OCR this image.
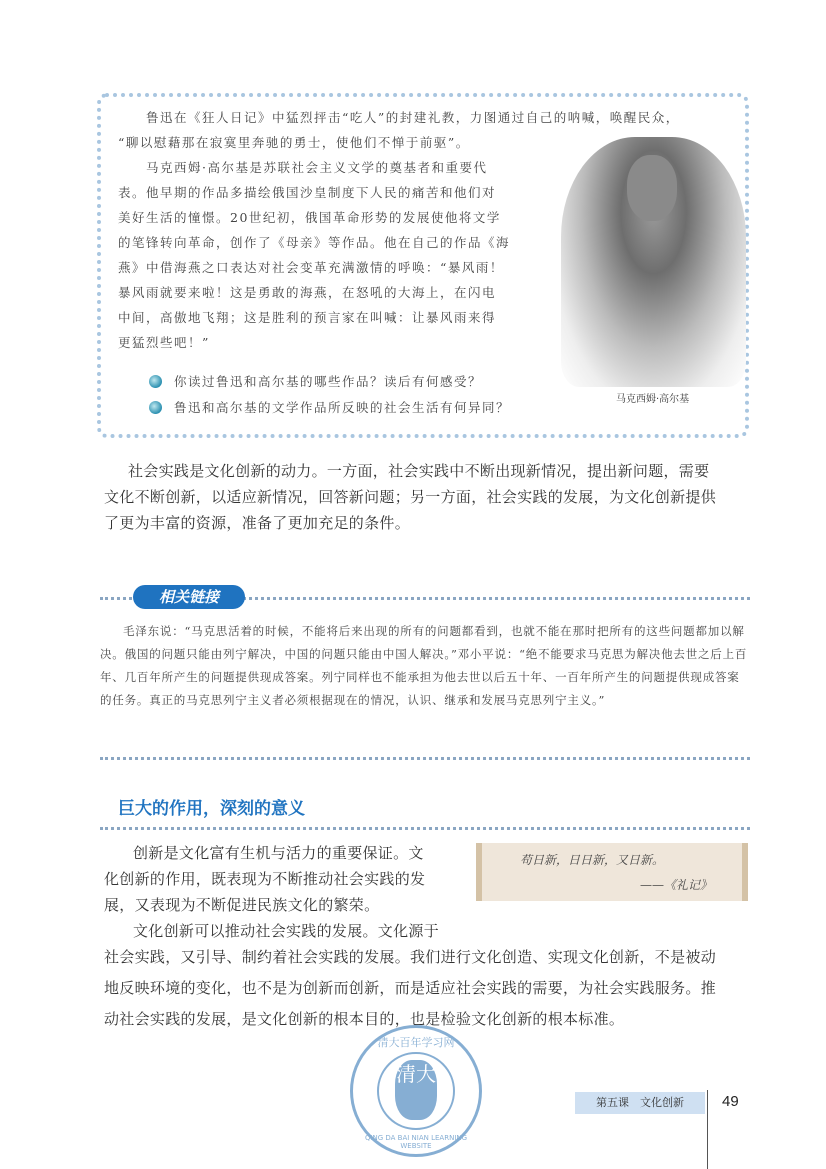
鲁迅在《狂人日记》中猛烈抨击“吃人”的封建礼教，力图通过自己的呐喊，唤醒民众，

“聊以慰藉那在寂寞里奔驰的勇士，使他们不惮于前驱”。

马克西姆·高尔基是苏联社会主义文学的奠基者和重要代

表。他早期的作品多描绘俄国沙皇制度下人民的痛苦和他们对

美好生活的憧憬。20世纪初，俄国革命形势的发展使他将文学

的笔锋转向革命，创作了《母亲》等作品。他在自己的作品《海

燕》中借海燕之口表达对社会变革充满激情的呼唤：“暴风雨！

暴风雨就要来啦！这是勇敢的海燕，在怒吼的大海上，在闪电

中间，高傲地飞翔；这是胜利的预言家在叫喊：让暴风雨来得

更猛烈些吧！”

你读过鲁迅和高尔基的哪些作品？读后有何感受？
鲁迅和高尔基的文学作品所反映的社会生活有何异同？
马克西姆·高尔基
社会实践是文化创新的动力。一方面，社会实践中不断出现新情况，提出新问题，需要
文化不断创新，以适应新情况，回答新问题；另一方面，社会实践的发展，为文化创新提供
了更为丰富的资源，准备了更加充足的条件。
相关链接
毛泽东说：“马克思活着的时候，不能将后来出现的所有的问题都看到，也就不能在那时把所有的这些问题都加以解决。俄国的问题只能由列宁解决，中国的问题只能由中国人解决。”邓小平说：“绝不能要求马克思为解决他去世之后上百年、几百年所产生的问题提供现成答案。列宁同样也不能承担为他去世以后五十年、一百年所产生的问题提供现成答案的任务。真正的马克思列宁主义者必须根据现在的情况，认识、继承和发展马克思列宁主义。”
巨大的作用，深刻的意义
创新是文化富有生机与活力的重要保证。文
化创新的作用，既表现为不断推动社会实践的发
展，又表现为不断促进民族文化的繁荣。
文化创新可以推动社会实践的发展。文化源于
社会实践，又引导、制约着社会实践的发展。我们进行文化创造、实现文化创新，不是被动
地反映环境的变化，也不是为创新而创新，而是适应社会实践的需要，为社会实践服务。推
动社会实践的发展，是文化创新的根本目的，也是检验文化创新的根本标准。
苟日新，日日新，又日新。
——《礼记》
清大百年学习网
清大
QING DA BAI NIAN LEARNING WEBSITE
第五课　文化创新	49
